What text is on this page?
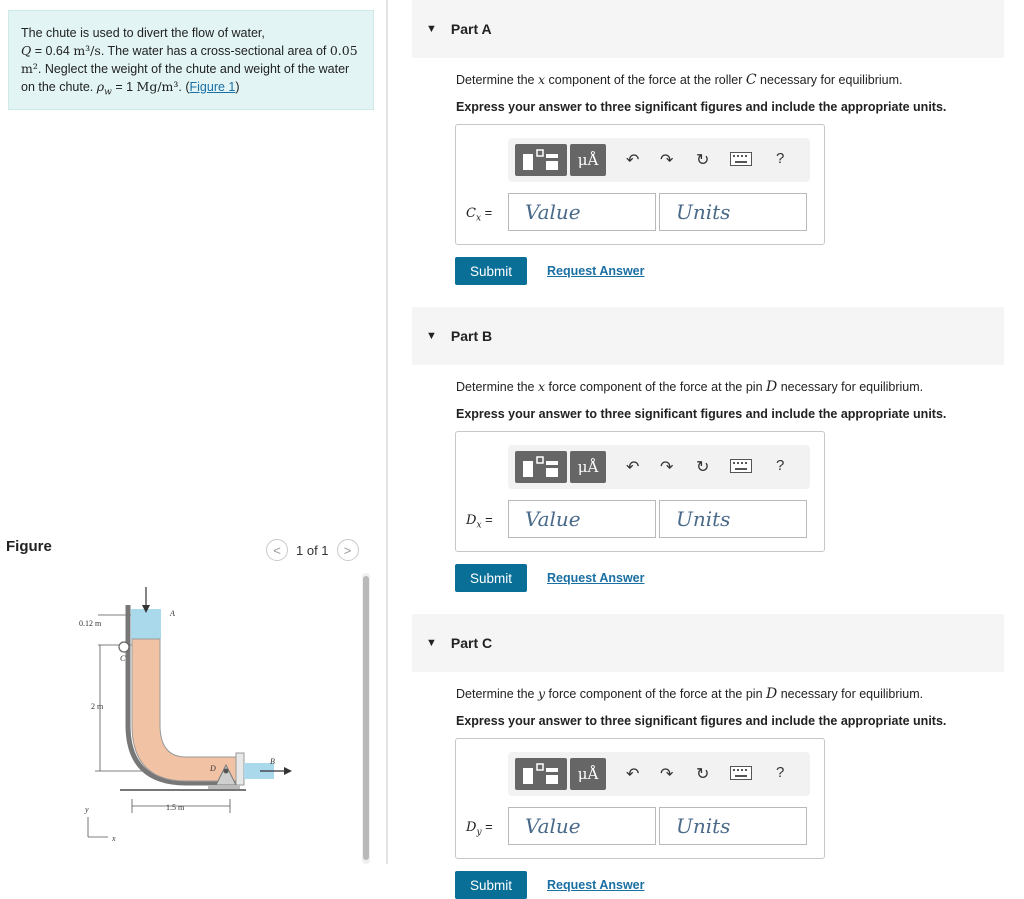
The chute is used to divert the flow of water,
Q = 0.64 m³/s. The water has a cross-sectional area of 0.05 m². Neglect the weight of the chute and weight of the water on the chute. $\rho_w = 1$ Mg/m³. (Figure 1)
Figure	<	1 of 1	>
0.12 m
2 m
1.5 m
A
B
C
D
y
x
▼ Part A
Determine the x component of the force at the roller C necessary for equilibrium.
Express your answer to three significant figures and include the appropriate units.
μÅ	↶ ↷ ↻	?
$C_x$ =	Value	Units
Submit	Request Answer
▼ Part B
Determine the x force component of the force at the pin D necessary for equilibrium.
Express your answer to three significant figures and include the appropriate units.
μÅ	↶ ↷ ↻	?
$D_x$ =	Value	Units
Submit	Request Answer
▼ Part C
Determine the y force component of the force at the pin D necessary for equilibrium.
Express your answer to three significant figures and include the appropriate units.
μÅ	↶ ↷ ↻	?
$D_y$ =	Value	Units
Submit	Request Answer
